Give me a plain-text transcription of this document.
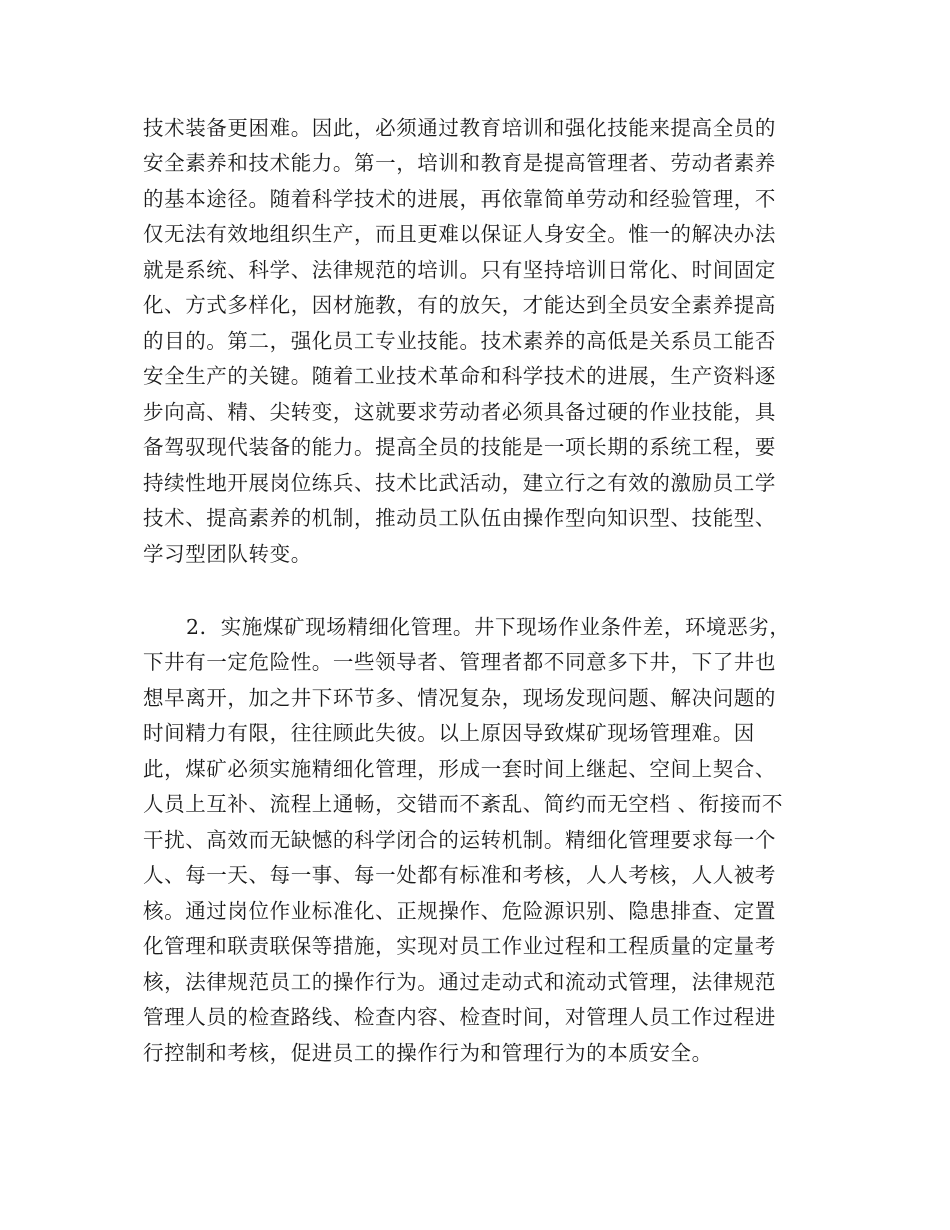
技术装备更困难。因此，必须通过教育培训和强化技能来提高全员的
安全素养和技术能力。第一，培训和教育是提高管理者、劳动者素养
的基本途径。随着科学技术的进展，再依靠简单劳动和经验管理，不
仅无法有效地组织生产，而且更难以保证人身安全。惟一的解决办法
就是系统、科学、法律规范的培训。只有坚持培训日常化、时间固定
化、方式多样化，因材施教，有的放矢，才能达到全员安全素养提高
的目的。第二，强化员工专业技能。技术素养的高低是关系员工能否
安全生产的关键。随着工业技术革命和科学技术的进展，生产资料逐
步向高、精、尖转变，这就要求劳动者必须具备过硬的作业技能，具
备驾驭现代装备的能力。提高全员的技能是一项长期的系统工程，要
持续性地开展岗位练兵、技术比武活动，建立行之有效的激励员工学
技术、提高素养的机制，推动员工队伍由操作型向知识型、技能型、
学习型团队转变。
2．实施煤矿现场精细化管理。井下现场作业条件差，环境恶劣，
下井有一定危险性。一些领导者、管理者都不同意多下井，下了井也
想早离开，加之井下环节多、情况复杂，现场发现问题、解决问题的
时间精力有限，往往顾此失彼。以上原因导致煤矿现场管理难。因
此，煤矿必须实施精细化管理，形成一套时间上继起、空间上契合、
人员上互补、流程上通畅，交错而不紊乱、简约而无空档 、衔接而不
干扰、高效而无缺憾的科学闭合的运转机制。精细化管理要求每一个
人、每一天、每一事、每一处都有标准和考核，人人考核，人人被考
核。通过岗位作业标准化、正规操作、危险源识别、隐患排查、定置
化管理和联责联保等措施，实现对员工作业过程和工程质量的定量考
核，法律规范员工的操作行为。通过走动式和流动式管理，法律规范
管理人员的检查路线、检查内容、检查时间，对管理人员工作过程进
行控制和考核，促进员工的操作行为和管理行为的本质安全。
